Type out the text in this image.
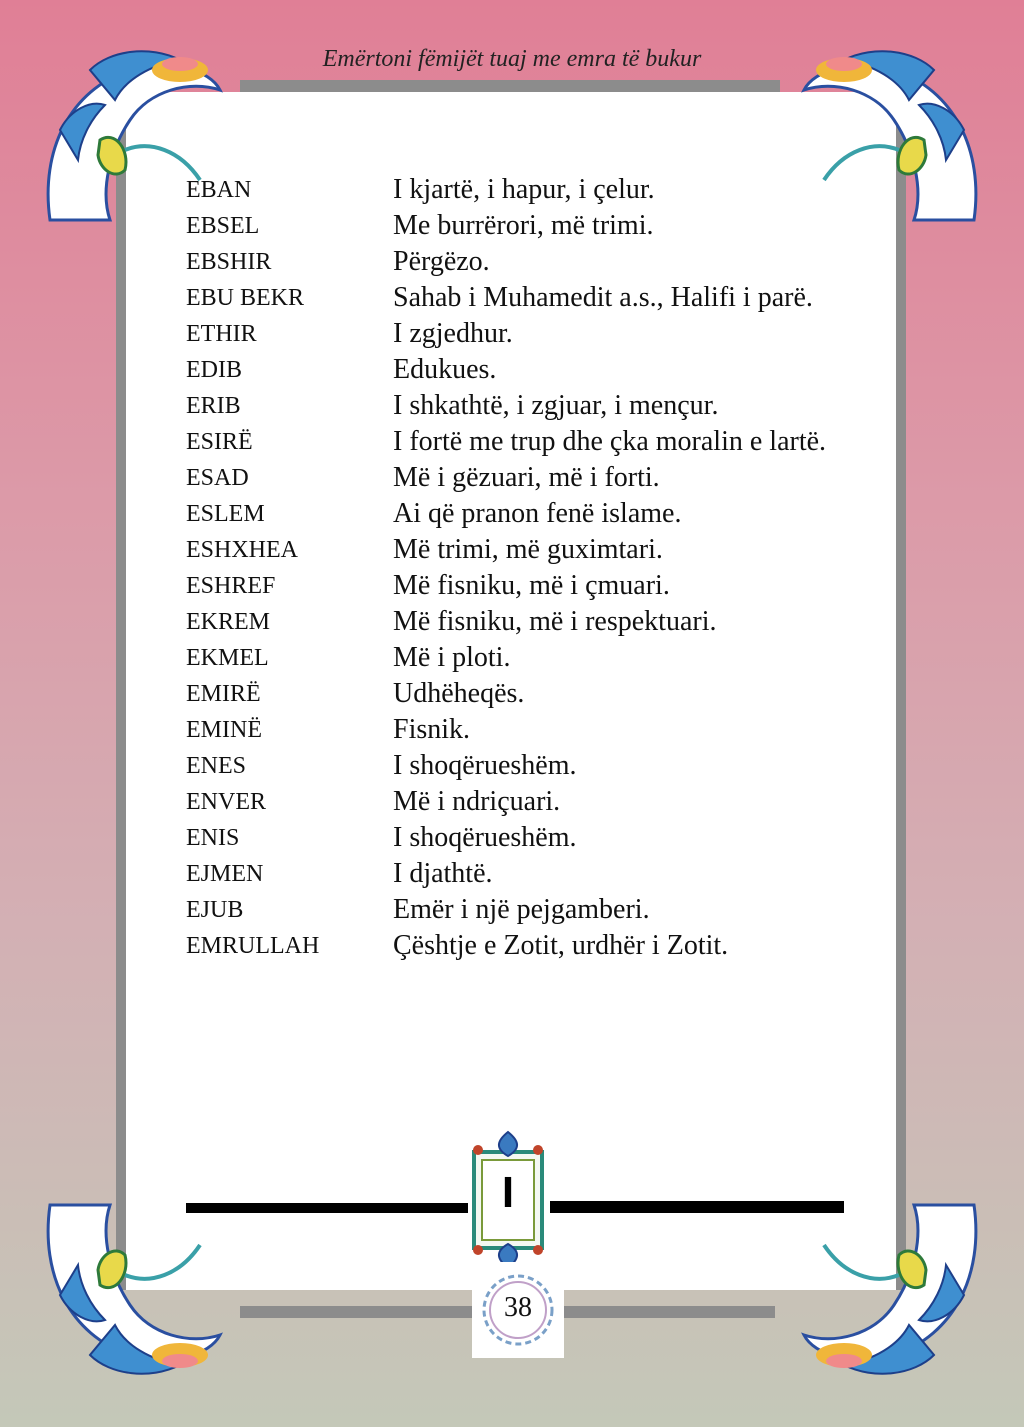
Emërtoni fëmijët tuaj me emra të bukur
EBAN	I kjartë, i hapur, i çelur.
EBSEL	Me burrërori, më trimi.
EBSHIR	Përgëzo.
EBU BEKR	Sahab i Muhamedit a.s., Halifi i parë.
ETHIR	I zgjedhur.
EDIB	Edukues.
ERIB	I shkathtë, i zgjuar, i mençur.
ESIRË	I fortë me trup dhe çka moralin e lartë.
ESAD	Më i gëzuari, më i forti.
ESLEM	Ai që pranon fenë islame.
ESHXHEA	Më trimi, më guximtari.
ESHREF	Më fisniku, më i çmuari.
EKREM	Më fisniku, më i respektuari.
EKMEL	Më i ploti.
EMIRË	Udhëheqës.
EMINË	Fisnik.
ENES	I shoqërueshëm.
ENVER	Më i ndriçuari.
ENIS	I shoqërueshëm.
EJMEN	I djathtë.
EJUB	Emër i një pejgamberi.
EMRULLAH	Çështje e Zotit, urdhër i Zotit.
I
38
